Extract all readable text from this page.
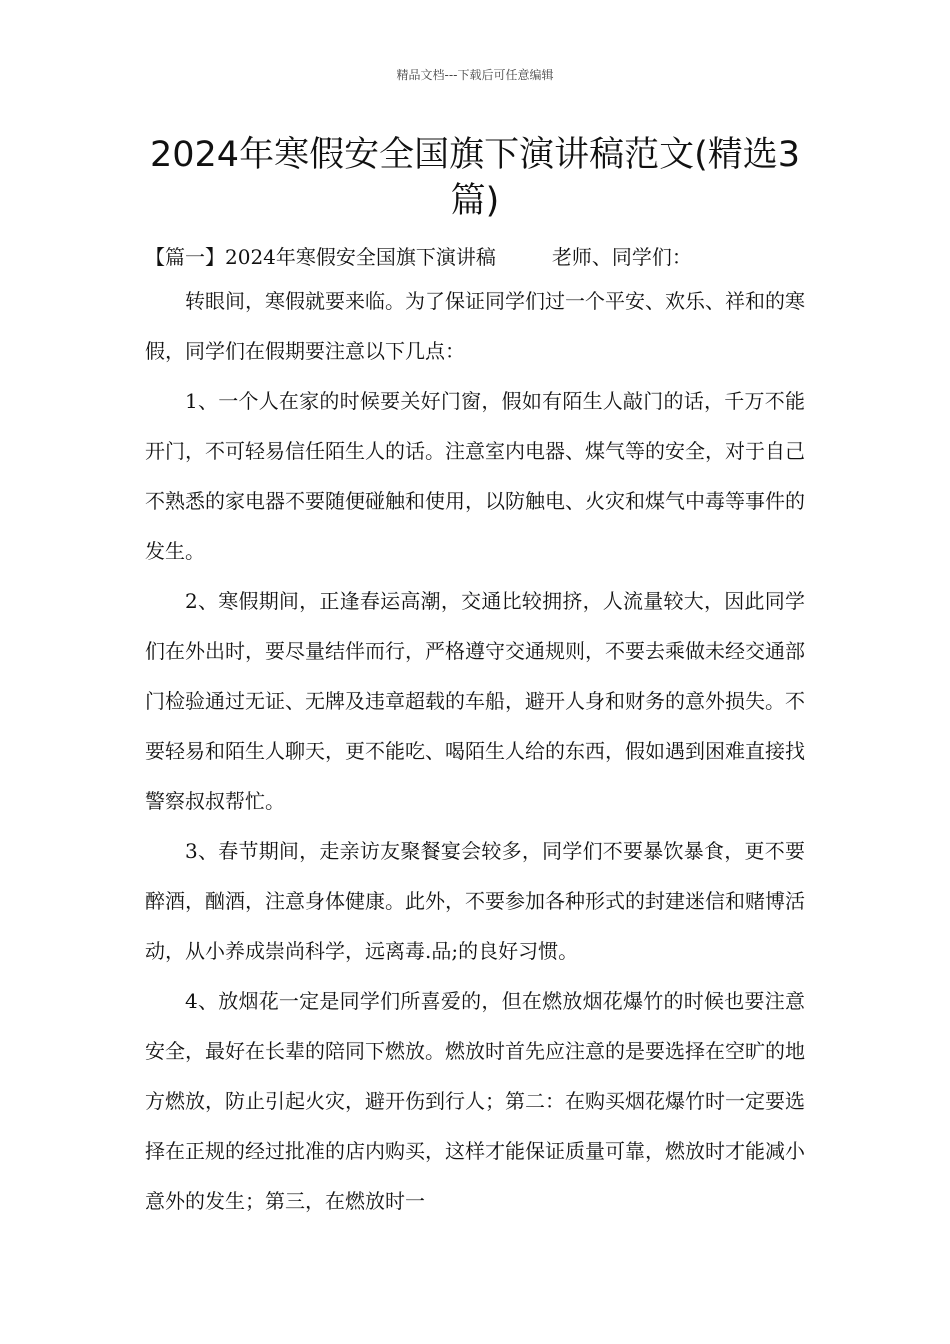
精品文档---下载后可任意编辑
2024年寒假安全国旗下演讲稿范文(精选3篇)
【篇一】2024年寒假安全国旗下演讲稿	老师、同学们：

转眼间，寒假就要来临。为了保证同学们过一个平安、欢乐、祥和的寒假，同学们在假期要注意以下几点：

1、一个人在家的时候要关好门窗，假如有陌生人敲门的话，千万不能开门，不可轻易信任陌生人的话。注意室内电器、煤气等的安全，对于自己不熟悉的家电器不要随便碰触和使用，以防触电、火灾和煤气中毒等事件的发生。

2、寒假期间，正逢春运高潮，交通比较拥挤，人流量较大，因此同学们在外出时，要尽量结伴而行，严格遵守交通规则，不要去乘做未经交通部门检验通过无证、无牌及违章超载的车船，避开人身和财务的意外损失。不要轻易和陌生人聊天，更不能吃、喝陌生人给的东西，假如遇到困难直接找警察叔叔帮忙。

3、春节期间，走亲访友聚餐宴会较多，同学们不要暴饮暴食，更不要醉酒，酗酒，注意身体健康。此外，不要参加各种形式的封建迷信和赌博活动，从小养成崇尚科学，远离毒.品;的良好习惯。

4、放烟花一定是同学们所喜爱的，但在燃放烟花爆竹的时候也要注意安全，最好在长辈的陪同下燃放。燃放时首先应注意的是要选择在空旷的地方燃放，防止引起火灾，避开伤到行人；第二：在购买烟花爆竹时一定要选择在正规的经过批准的店内购买，这样才能保证质量可靠，燃放时才能减小意外的发生；第三，在燃放时一
